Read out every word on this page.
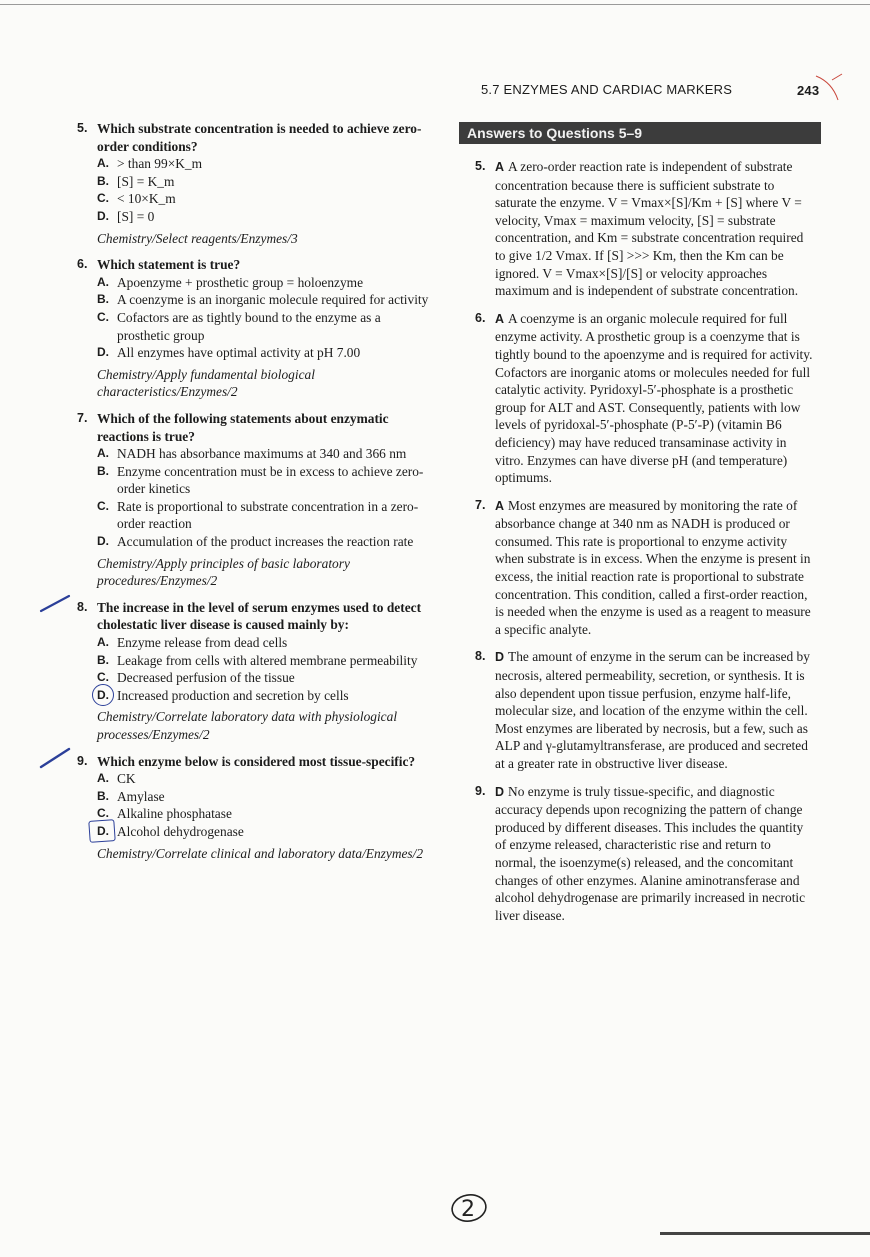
5.7 ENZYMES AND CARDIAC MARKERS	243
5. Which substrate concentration is needed to achieve zero-order conditions?
A. > than 99×K_m
B. [S] = K_m
C. < 10×K_m
D. [S] = 0
Chemistry/Select reagents/Enzymes/3
6. Which statement is true?
A. Apoenzyme + prosthetic group = holoenzyme
B. A coenzyme is an inorganic molecule required for activity
C. Cofactors are as tightly bound to the enzyme as a prosthetic group
D. All enzymes have optimal activity at pH 7.00
Chemistry/Apply fundamental biological characteristics/Enzymes/2
7. Which of the following statements about enzymatic reactions is true?
A. NADH has absorbance maximums at 340 and 366 nm
B. Enzyme concentration must be in excess to achieve zero-order kinetics
C. Rate is proportional to substrate concentration in a zero-order reaction
D. Accumulation of the product increases the reaction rate
Chemistry/Apply principles of basic laboratory procedures/Enzymes/2
8. The increase in the level of serum enzymes used to detect cholestatic liver disease is caused mainly by:
A. Enzyme release from dead cells
B. Leakage from cells with altered membrane permeability
C. Decreased perfusion of the tissue
D. Increased production and secretion by cells
Chemistry/Correlate laboratory data with physiological processes/Enzymes/2
9. Which enzyme below is considered most tissue-specific?
A. CK
B. Amylase
C. Alkaline phosphatase
D. Alcohol dehydrogenase
Chemistry/Correlate clinical and laboratory data/Enzymes/2
Answers to Questions 5–9
5. A A zero-order reaction rate is independent of substrate concentration because there is sufficient substrate to saturate the enzyme. V = Vmax×[S]/Km + [S] where V = velocity, Vmax = maximum velocity, [S] = substrate concentration, and Km = substrate concentration required to give 1/2 Vmax. If [S] >>> Km, then the Km can be ignored. V = Vmax×[S]/[S] or velocity approaches maximum and is independent of substrate concentration.
6. A A coenzyme is an organic molecule required for full enzyme activity. A prosthetic group is a coenzyme that is tightly bound to the apoenzyme and is required for activity. Cofactors are inorganic atoms or molecules needed for full catalytic activity. Pyridoxyl-5′-phosphate is a prosthetic group for ALT and AST. Consequently, patients with low levels of pyridoxal-5′-phosphate (P-5′-P) (vitamin B6 deficiency) may have reduced transaminase activity in vitro. Enzymes can have diverse pH (and temperature) optimums.
7. A Most enzymes are measured by monitoring the rate of absorbance change at 340 nm as NADH is produced or consumed. This rate is proportional to enzyme activity when substrate is in excess. When the enzyme is present in excess, the initial reaction rate is proportional to substrate concentration. This condition, called a first-order reaction, is needed when the enzyme is used as a reagent to measure a specific analyte.
8. D The amount of enzyme in the serum can be increased by necrosis, altered permeability, secretion, or synthesis. It is also dependent upon tissue perfusion, enzyme half-life, molecular size, and location of the enzyme within the cell. Most enzymes are liberated by necrosis, but a few, such as ALP and γ-glutamyltransferase, are produced and secreted at a greater rate in obstructive liver disease.
9. D No enzyme is truly tissue-specific, and diagnostic accuracy depends upon recognizing the pattern of change produced by different diseases. This includes the quantity of enzyme released, characteristic rise and return to normal, the isoenzyme(s) released, and the concomitant changes of other enzymes. Alanine aminotransferase and alcohol dehydrogenase are primarily increased in necrotic liver disease.
2
